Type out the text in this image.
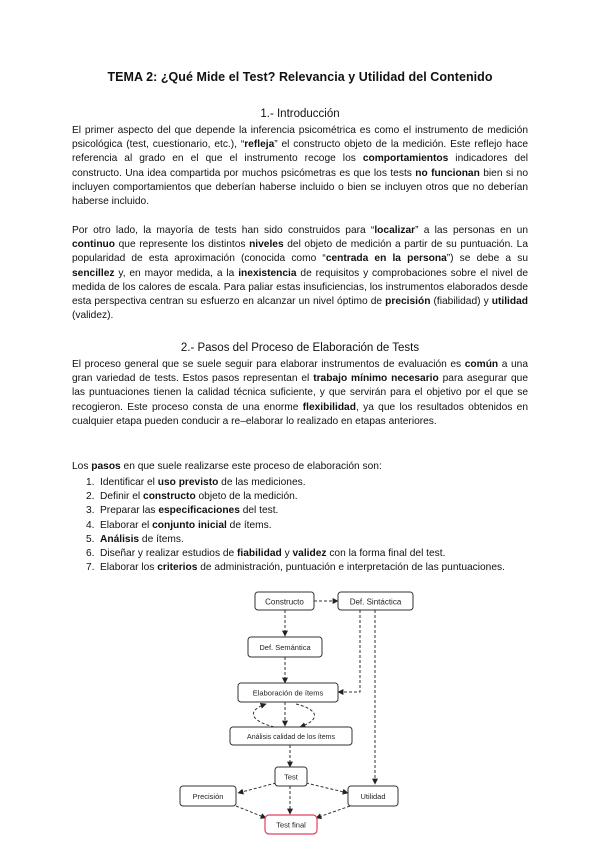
TEMA 2: ¿Qué Mide el Test? Relevancia y Utilidad del Contenido
1.- Introducción

El primer aspecto del que depende la inferencia psicométrica es como el instrumento de medición psicológica (test, cuestionario, etc.), “refleja” el constructo objeto de la medición. Este reflejo hace referencia al grado en el que el instrumento recoge los comportamientos indicadores del constructo. Una idea compartida por muchos psicómetras es que los tests no funcionan bien si no incluyen comportamientos que deberían haberse incluido o bien se incluyen otros que no deberían haberse incluido.

Por otro lado, la mayoría de tests han sido construidos para “localizar” a las personas en un continuo que represente los distintos niveles del objeto de medición a partir de su puntuación. La popularidad de esta aproximación (conocida como “centrada en la persona”) se debe a su sencillez y, en mayor medida, a la inexistencia de requisitos y comprobaciones sobre el nivel de medida de los calores de escala. Para paliar estas insuficiencias, los instrumentos elaborados desde esta perspectiva centran su esfuerzo en alcanzar un nivel óptimo de precisión (fiabilidad) y utilidad (validez).

2.- Pasos del Proceso de Elaboración de Tests

El proceso general que se suele seguir para elaborar instrumentos de evaluación es común a una gran variedad de tests. Estos pasos representan el trabajo mínimo necesario para asegurar que las puntuaciones tienen la calidad técnica suficiente, y que servirán para el objetivo por el que se recogieron. Este proceso consta de una enorme flexibilidad, ya que los resultados obtenidos en cualquier etapa pueden conducir a re–elaborar lo realizado en etapas anteriores.

Los pasos en que suele realizarse este proceso de elaboración son:

1. Identificar el uso previsto de las mediciones.
2. Definir el constructo objeto de la medición.
3. Preparar las especificaciones del test.
4. Elaborar el conjunto inicial de ítems.
5. Análisis de ítems.
6. Diseñar y realizar estudios de fiabilidad y validez con la forma final del test.
7. Elaborar los criterios de administración, puntuación e interpretación de las puntuaciones.
Constructo	Def. Sintáctica
Def. Semántica
Elaboración de ítems
Análisis calidad de los ítems
Test
Precisión	Utilidad
Test final
